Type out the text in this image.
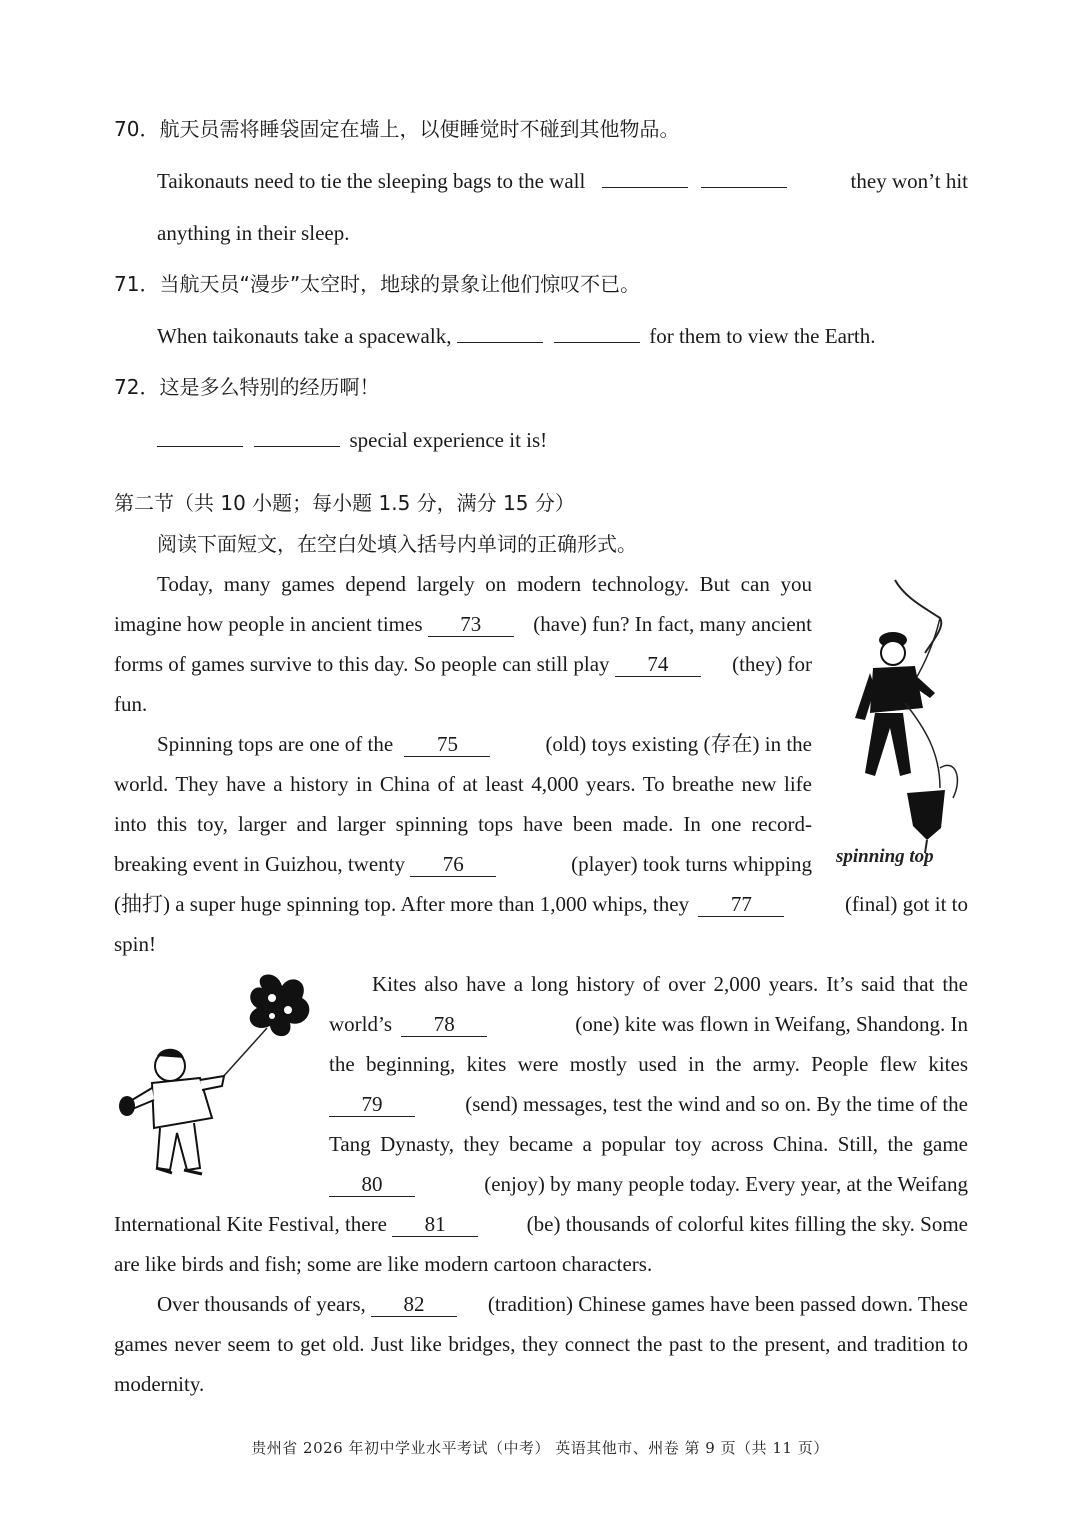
70．航天员需将睡袋固定在墙上，以便睡觉时不碰到其他物品。
Taikonauts need to tie the sleeping bags to the wall	they won’t hit
anything in their sleep.
71．当航天员“漫步”太空时，地球的景象让他们惊叹不已。
When taikonauts take a spacewalk,	for them to view the Earth.
72．这是多么特别的经历啊！
special experience it is!
第二节（共 10 小题；每小题 1.5 分，满分 15 分）
阅读下面短文，在空白处填入括号内单词的正确形式。
Today, many games depend largely on modern technology. But can you
imagine how people in ancient times 73 (have) fun? In fact, many ancient
forms of games survive to this day. So people can still play 74	(they) for
fun.
Spinning tops are one of the 75	(old) toys existing (存在) in the
world. They have a history in China of at least 4,000 years. To breathe new life
into this toy, larger and larger spinning tops have been made. In one record-
breaking event in Guizhou, twenty 76	(player) took turns whipping
(抽打) a super huge spinning top. After more than 1,000 whips, they 77	(final) got it to
spin!
spinning top
Kites also have a long history of over 2,000 years. It’s said that the
world’s 78	(one) kite was flown in Weifang, Shandong. In
the beginning, kites were mostly used in the army. People flew kites
79	(send) messages, test the wind and so on. By the time of the
Tang Dynasty, they became a popular toy across China. Still, the game
80	(enjoy) by many people today. Every year, at the Weifang
International Kite Festival, there 81	(be) thousands of colorful kites filling the sky. Some
are like birds and fish; some are like modern cartoon characters.
Over thousands of years, 82	(tradition) Chinese games have been passed down. These
games never seem to get old. Just like bridges, they connect the past to the present, and tradition to
modernity.
贵州省 2026 年初中学业水平考试（中考） 英语其他市、州卷 第 9 页（共 11 页）
